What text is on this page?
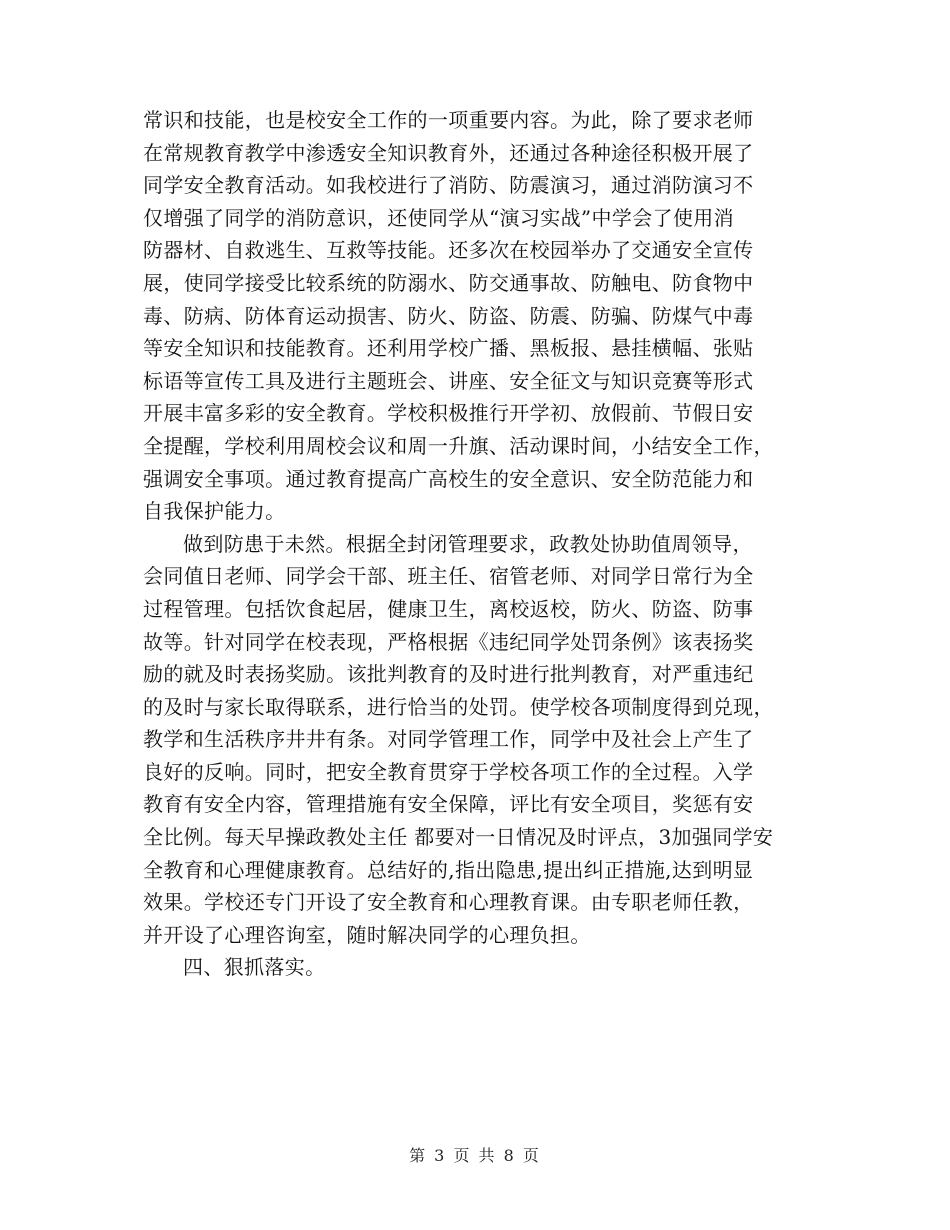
常识和技能，也是校安全工作的一项重要内容。为此，除了要求老师
在常规教育教学中渗透安全知识教育外，还通过各种途径积极开展了
同学安全教育活动。如我校进行了消防、防震演习，通过消防演习不
仅增强了同学的消防意识，还使同学从“演习实战”中学会了使用消
防器材、自救逃生、互救等技能。还多次在校园举办了交通安全宣传
展，使同学接受比较系统的防溺水、防交通事故、防触电、防食物中
毒、防病、防体育运动损害、防火、防盗、防震、防骗、防煤气中毒
等安全知识和技能教育。还利用学校广播、黑板报、悬挂横幅、张贴
标语等宣传工具及进行主题班会、讲座、安全征文与知识竞赛等形式
开展丰富多彩的安全教育。学校积极推行开学初、放假前、节假日安
全提醒，学校利用周校会议和周一升旗、活动课时间，小结安全工作，
强调安全事项。通过教育提高广高校生的安全意识、安全防范能力和
自我保护能力。
做到防患于未然。根据全封闭管理要求，政教处协助值周领导，
会同值日老师、同学会干部、班主任、宿管老师、对同学日常行为全
过程管理。包括饮食起居，健康卫生，离校返校，防火、防盗、防事
故等。针对同学在校表现，严格根据《违纪同学处罚条例》该表扬奖
励的就及时表扬奖励。该批判教育的及时进行批判教育，对严重违纪
的及时与家长取得联系，进行恰当的处罚。使学校各项制度得到兑现，
教学和生活秩序井井有条。对同学管理工作，同学中及社会上产生了
良好的反响。同时，把安全教育贯穿于学校各项工作的全过程。入学
教育有安全内容，管理措施有安全保障，评比有安全项目，奖惩有安
全比例。每天早操政教处主任 都要对一日情况及时评点，3加强同学安
全教育和心理健康教育。总结好的,指出隐患,提出纠正措施,达到明显
效果。学校还专门开设了安全教育和心理教育课。由专职老师任教，
并开设了心理咨询室，随时解决同学的心理负担。
四、狠抓落实。
第 3 页 共 8 页
